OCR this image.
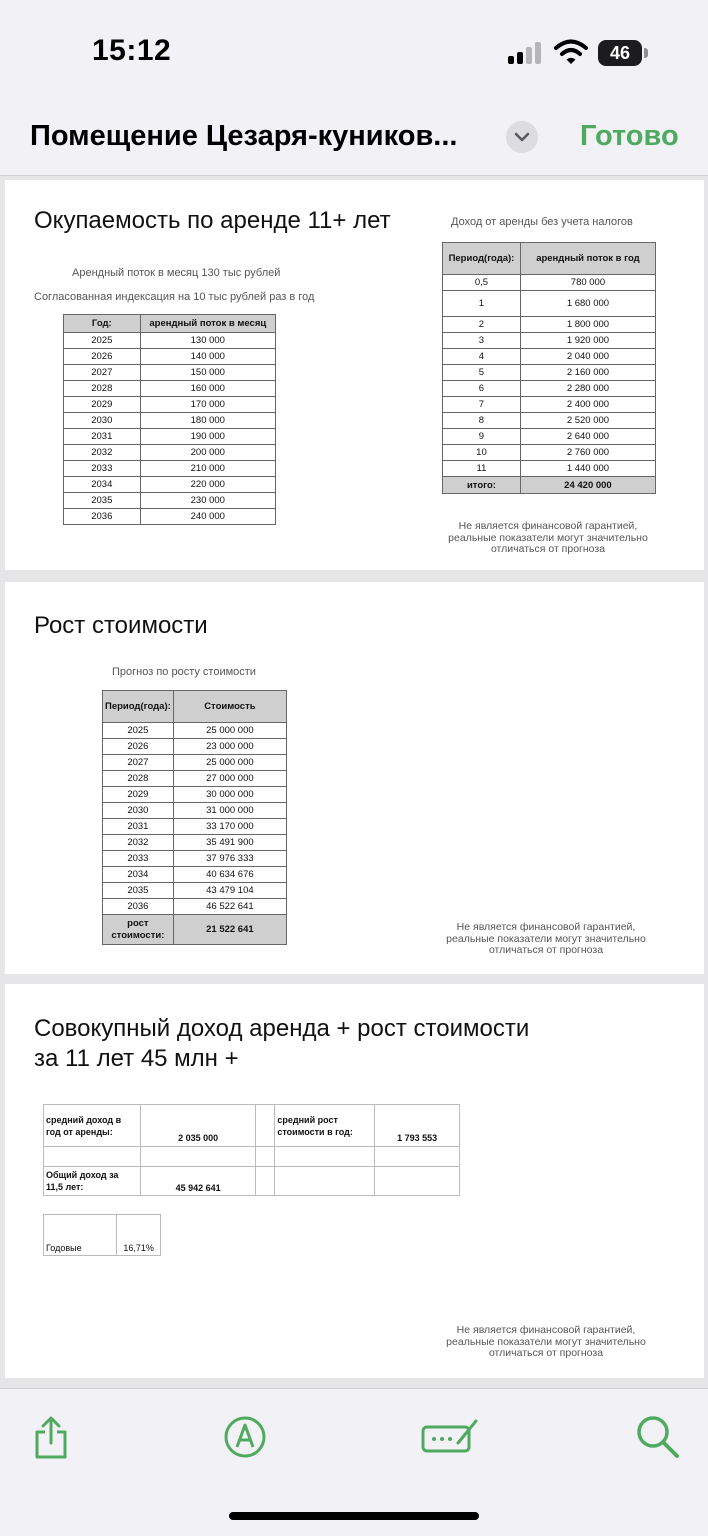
15:12	46
Помещение Цезаря-куников...	Готово
Окупаемость по аренде 11+ лет
Арендный поток в месяц 130 тыс рублей
Согласованная индексация на 10 тыс рублей раз в год
Год:	арендный поток в месяц
2025	130 000
2026	140 000
2027	150 000
2028	160 000
2029	170 000
2030	180 000
2031	190 000
2032	200 000
2033	210 000
2034	220 000
2035	230 000
2036	240 000
Доход от аренды без учета налогов
Период(года):	арендный поток в год
0,5	780 000
1	1 680 000
2	1 800 000
3	1 920 000
4	2 040 000
5	2 160 000
6	2 280 000
7	2 400 000
8	2 520 000
9	2 640 000
10	2 760 000
11	1 440 000
итого:	24 420 000
Не является финансовой гарантией, реальные показатели могут значительно отличаться от прогноза
Рост стоимости
Прогноз по росту стоимости
Период(года):	Стоимость
2025	25 000 000
2026	23 000 000
2027	25 000 000
2028	27 000 000
2029	30 000 000
2030	31 000 000
2031	33 170 000
2032	35 491 900
2033	37 976 333
2034	40 634 676
2035	43 479 104
2036	46 522 641
рост стоимости:	21 522 641	Не является финансовой гарантией, реальные показатели могут значительно отличаться от прогноза
Совокупный доход аренда + рост стоимости
за 11 лет 45 млн +
средний доход в год от аренды:	2 035 000		средний рост стоимости в год:	1 793 553

Общий доход за 11,5 лет:	45 942 641			
Годовые	16,71%
Не является финансовой гарантией, реальные показатели могут значительно отличаться от прогноза
